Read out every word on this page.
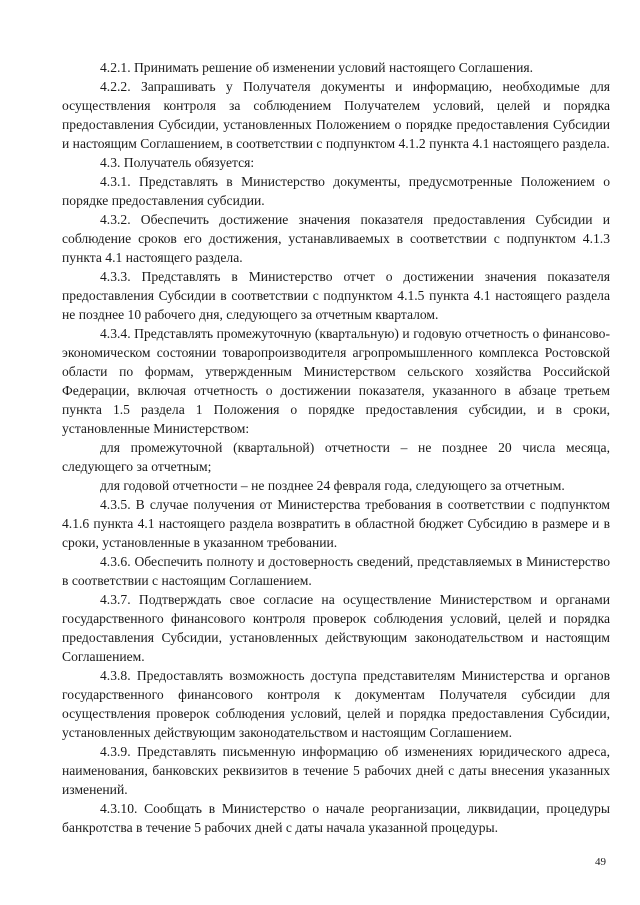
4.2.1. Принимать решение об изменении условий настоящего Соглашения.

4.2.2. Запрашивать у Получателя документы и информацию, необходимые для осуществления контроля за соблюдением Получателем условий, целей и порядка предоставления Субсидии, установленных Положением о порядке предоставления Субсидии и настоящим Соглашением, в соответствии с подпунктом 4.1.2 пункта 4.1 настоящего раздела.

4.3. Получатель обязуется:

4.3.1. Представлять в Министерство документы, предусмотренные Положением о порядке предоставления субсидии.

4.3.2. Обеспечить достижение значения показателя предоставления Субсидии и соблюдение сроков его достижения, устанавливаемых в соответствии с подпунктом 4.1.3 пункта 4.1 настоящего раздела.

4.3.3. Представлять в Министерство отчет о достижении значения показателя предоставления Субсидии в соответствии с подпунктом 4.1.5 пункта 4.1 настоящего раздела не позднее 10 рабочего дня, следующего за отчетным кварталом.

4.3.4. Представлять промежуточную (квартальную) и годовую отчетность о финансово-экономическом состоянии товаропроизводителя агропромышленного комплекса Ростовской области по формам, утвержденным Министерством сельского хозяйства Российской Федерации, включая отчетность о достижении показателя, указанного в абзаце третьем пункта 1.5 раздела 1 Положения о порядке предоставления субсидии, и в сроки, установленные Министерством:

для промежуточной (квартальной) отчетности – не позднее 20 числа месяца, следующего за отчетным;

для годовой отчетности – не позднее 24 февраля года, следующего за отчетным.

4.3.5. В случае получения от Министерства требования в соответствии с подпунктом 4.1.6 пункта 4.1 настоящего раздела возвратить в областной бюджет Субсидию в размере и в сроки, установленные в указанном требовании.

4.3.6. Обеспечить полноту и достоверность сведений, представляемых в Министерство в соответствии с настоящим Соглашением.

4.3.7. Подтверждать свое согласие на осуществление Министерством и органами государственного финансового контроля проверок соблюдения условий, целей и порядка предоставления Субсидии, установленных действующим законодательством и настоящим Соглашением.

4.3.8. Предоставлять возможность доступа представителям Министерства и органов государственного финансового контроля к документам Получателя субсидии для осуществления проверок соблюдения условий, целей и порядка предоставления Субсидии, установленных действующим законодательством и настоящим Соглашением.

4.3.9. Представлять письменную информацию об изменениях юридического адреса, наименования, банковских реквизитов в течение 5 рабочих дней с даты внесения указанных изменений.

4.3.10. Сообщать в Министерство о начале реорганизации, ликвидации, процедуры банкротства в течение 5 рабочих дней с даты начала указанной процедуры.

49
